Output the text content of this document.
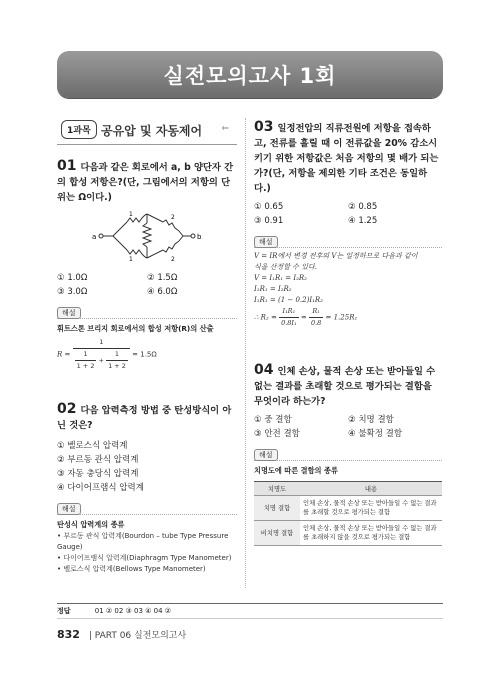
실전모의고사 1회
1과목 공유압 및 자동제어 ⇐
01 다음과 같은 회로에서 a, b 양단자 간의 합성 저항은?(단, 그림에서의 저항의 단위는 Ω이다.)
a	b
1	2
1	2
① 1.0Ω	② 1.5Ω
③ 3.0Ω	④ 6.0Ω
해설
휘트스톤 브리지 회로에서의 합성 저항(R)의 산출
$R = \frac{1}{\frac{1}{1 + 2} + \frac{1}{1 + 2}} = 1.5\Omega$
02 다음 압력측정 방법 중 탄성방식이 아닌 것은?
① 벨로스식 압력계
② 부르동 관식 압력계
③ 자동 충당식 압력계
④ 다이어프램식 압력계
해설
탄성식 압력계의 종류
• 부르동 관식 압력계(Bourdon – tube Type Pressure Gauge)
• 다이어프램식 압력계(Diaphragm Type Manometer)
• 벨로스식 압력계(Bellows Type Manometer)
03 일정전압의 직류전원에 저항을 접속하고, 전류를 흘릴 때 이 전류값을 20% 감소시키기 위한 저항값은 처음 저항의 몇 배가 되는가?(단, 저항을 제외한 기타 조건은 동일하다.)
① 0.65	② 0.85
③ 0.91	④ 1.25
해설
V = IR에서 변경 전후의 V는 일정하므로 다음과 같이
식을 산정할 수 있다.
V = I₁R₁ = I₂R₂
I₁R₁ = I₂R₂
I₁R₁ = (1 − 0.2)I₁R₂
∴ $R_2 = \frac{\text{I₁R₁}}{\text{0.8I₁}} = \frac{\text{R₁}}{0.8} = 1.25R_1$
04 인체 손상, 물적 손상 또는 받아들일 수 없는 결과를 초래할 것으로 평가되는 결함을 무엇이라 하는가?
① 중 결함	② 치명 결함
③ 안전 결함	④ 불확정 결함
해설
치명도에 따른 결함의 종류
치명도	내용
치명 결함	인체 손상, 물적 손상 또는 받아들일 수 없는 결과를 초래할 것으로 평가되는 결함
비치명 결함	인체 손상, 물적 손상 또는 받아들일 수 없는 결과를 초래하지 않을 것으로 평가되는 결함
정답	01 ② 02 ③ 03 ④ 04 ②
832 | PART 06 실전모의고사
